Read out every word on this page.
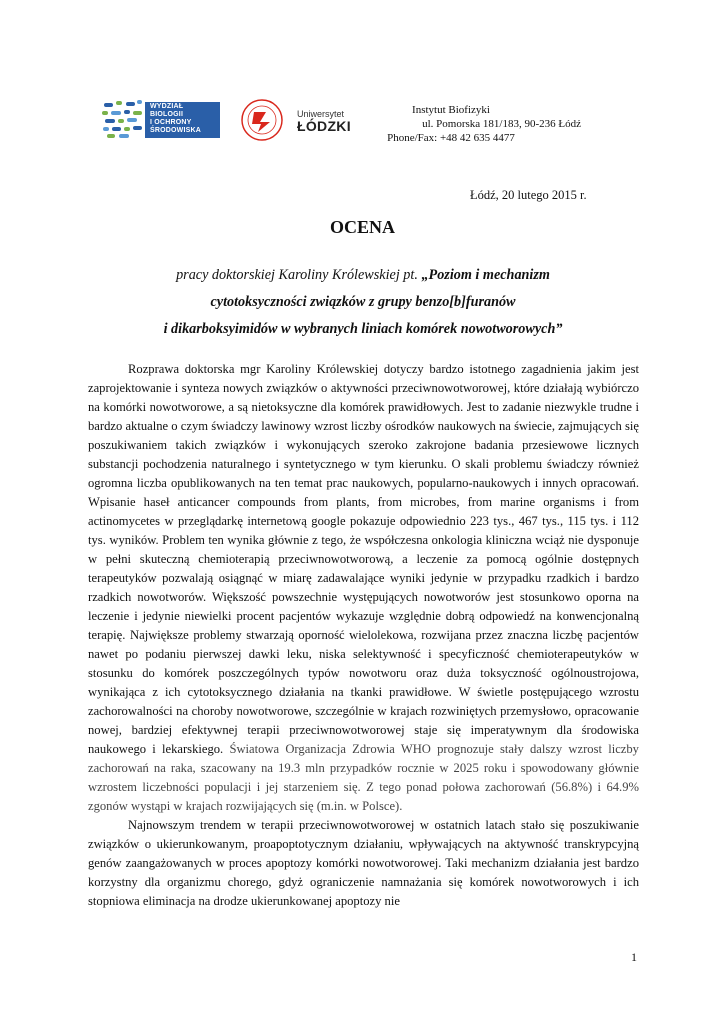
WYDZIAŁ
BIOLOGII
I OCHRONY
ŚRODOWISKA
Uniwersytet
ŁÓDZKI
Instytut Biofizyki
ul. Pomorska 181/183, 90-236 Łódź
Phone/Fax: +48 42 635 4477
Łódź, 20 lutego 2015 r.
OCENA
pracy doktorskiej Karoliny Królewskiej pt. „Poziom i mechanizm
cytotoksyczności związków z grupy benzo[b]furanów
i dikarboksyimidów w wybranych liniach komórek nowotworowych”

Rozprawa doktorska mgr Karoliny Królewskiej dotyczy bardzo istotnego zagadnienia jakim jest zaprojektowanie i synteza nowych związków o aktywności przeciwnowotworowej, które działają wybiórczo na komórki nowotworowe, a są nietoksyczne dla komórek prawidłowych. Jest to zadanie niezwykle trudne i bardzo aktualne o czym świadczy lawinowy wzrost liczby ośrodków naukowych na świecie, zajmujących się poszukiwaniem takich związków i wykonujących szeroko zakrojone badania przesiewowe licznych substancji pochodzenia naturalnego i syntetycznego w tym kierunku. O skali problemu świadczy również ogromna liczba opublikowanych na ten temat prac naukowych, popularno-naukowych i innych opracowań. Wpisanie haseł anticancer compounds from plants, from microbes, from marine organisms i from actinomycetes w przeglądarkę internetową google pokazuje odpowiednio 223 tys., 467 tys., 115 tys. i 112 tys. wyników. Problem ten wynika głównie z tego, że współczesna onkologia kliniczna wciąż nie dysponuje w pełni skuteczną chemioterapią przeciwnowotworową, a leczenie za pomocą ogólnie dostępnych terapeutyków pozwalają osiągnąć w miarę zadawalające wyniki jedynie w przypadku rzadkich i bardzo rzadkich nowotworów. Większość powszechnie występujących nowotworów jest stosunkowo oporna na leczenie i jedynie niewielki procent pacjentów wykazuje względnie dobrą odpowiedź na konwencjonalną terapię. Największe problemy stwarzają oporność wielolekowa, rozwijana przez znaczna liczbę pacjentów nawet po podaniu pierwszej dawki leku, niska selektywność i specyficzność chemioterapeutyków w stosunku do komórek poszczególnych typów nowotworu oraz duża toksyczność ogólnoustrojowa, wynikająca z ich cytotoksycznego działania na tkanki prawidłowe. W świetle postępującego wzrostu zachorowalności na choroby nowotworowe, szczególnie w krajach rozwiniętych przemysłowo, opracowanie nowej, bardziej efektywnej terapii przeciwnowotworowej staje się imperatywnym dla środowiska naukowego i lekarskiego. Światowa Organizacja Zdrowia WHO prognozuje stały dalszy wzrost liczby zachorowań na raka, szacowany na 19.3 mln przypadków rocznie w 2025 roku i spowodowany głównie wzrostem liczebności populacji i jej starzeniem się. Z tego ponad połowa zachorowań (56.8%) i 64.9% zgonów wystąpi w krajach rozwijających się (m.in. w Polsce).

Najnowszym trendem w terapii przeciwnowotworowej w ostatnich latach stało się poszukiwanie związków o ukierunkowanym, proapoptotycznym działaniu, wpływających na aktywność transkrypcyjną genów zaangażowanych w proces apoptozy komórki nowotworowej. Taki mechanizm działania jest bardzo korzystny dla organizmu chorego, gdyż ograniczenie namnażania się komórek nowotworowych i ich stopniowa eliminacja na drodze ukierunkowanej apoptozy nie

1
